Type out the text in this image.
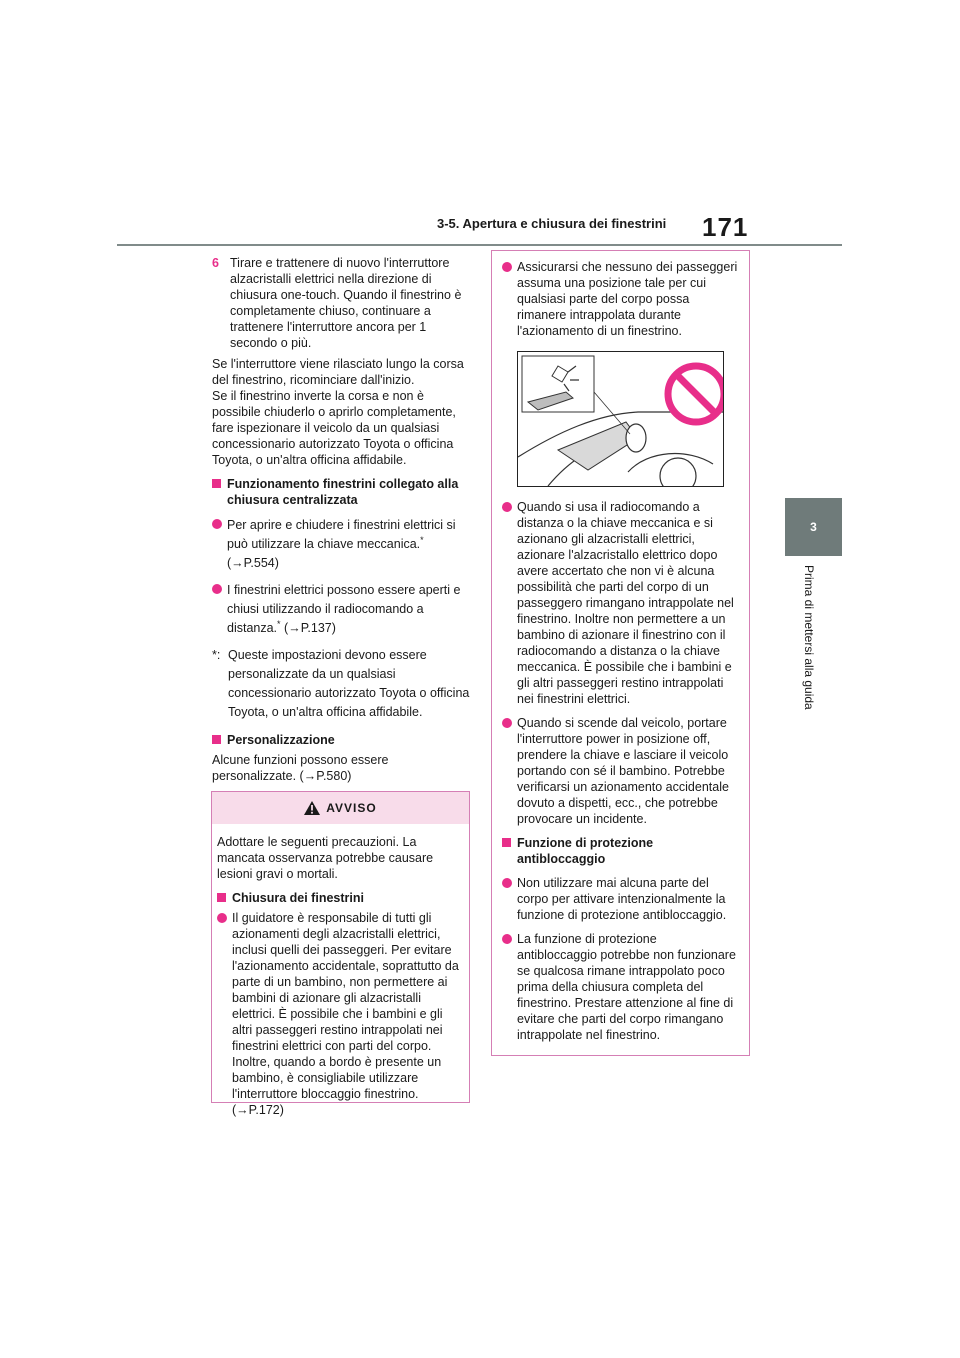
171
3-5. Apertura e chiusura dei finestrini
3
Prima di mettersi alla guida
6 Tirare e trattenere di nuovo l'interruttore alzacristalli elettrici nella direzione di chiusura one-touch. Quando il finestrino è completamente chiuso, continuare a trattenere l'interruttore ancora per 1 secondo o più.

Se l'interruttore viene rilasciato lungo la corsa del finestrino, ricominciare dall'inizio.

Se il finestrino inverte la corsa e non è possibile chiuderlo o aprirlo completamente, fare ispezionare il veicolo da un qualsiasi concessionario autorizzato Toyota o officina Toyota, o un'altra officina affidabile.

Funzionamento finestrini collegato alla chiusura centralizzata
Per aprire e chiudere i finestrini elettrici si può utilizzare la chiave meccanica.*
(→P.554)
I finestrini elettrici possono essere aperti e chiusi utilizzando il radiocomando a distanza.* (→P.137)
*: Queste impostazioni devono essere personalizzate da un qualsiasi concessionario autorizzato Toyota o officina Toyota, o un'altra officina affidabile.
Personalizzazione

Alcune funzioni possono essere personalizzate. (→P.580)

AVVISO

Adottare le seguenti precauzioni. La mancata osservanza potrebbe causare lesioni gravi o mortali.

Chiusura dei finestrini
Il guidatore è responsabile di tutti gli azionamenti degli alzacristalli elettrici, inclusi quelli dei passeggeri. Per evitare l'azionamento accidentale, soprattutto da parte di un bambino, non permettere ai bambini di azionare gli alzacristalli elettrici. È possibile che i bambini e gli altri passeggeri restino intrappolati nei finestrini elettrici con parti del corpo. Inoltre, quando a bordo è presente un bambino, è consigliabile utilizzare l'interruttore bloccaggio finestrino. (→P.172)
Assicurarsi che nessuno dei passeggeri assuma una posizione tale per cui qualsiasi parte del corpo possa rimanere intrappolata durante l'azionamento di un finestrino.
Quando si usa il radiocomando a distanza o la chiave meccanica e si azionano gli alzacristalli elettrici, azionare l'alzacristallo elettrico dopo avere accertato che non vi è alcuna possibilità che parti del corpo di un passeggero rimangano intrappolate nel finestrino. Inoltre non permettere a un bambino di azionare il finestrino con il radiocomando a distanza o la chiave meccanica. È possibile che i bambini e gli altri passeggeri restino intrappolati nei finestrini elettrici.
Quando si scende dal veicolo, portare l'interruttore power in posizione off, prendere la chiave e lasciare il veicolo portando con sé il bambino. Potrebbe verificarsi un azionamento accidentale dovuto a dispetti, ecc., che potrebbe provocare un incidente.
Funzione di protezione antibloccaggio
Non utilizzare mai alcuna parte del corpo per attivare intenzionalmente la funzione di protezione antibloccaggio.
La funzione di protezione antibloccaggio potrebbe non funzionare se qualcosa rimane intrappolato poco prima della chiusura completa del finestrino. Prestare attenzione al fine di evitare che parti del corpo rimangano intrappolate nel finestrino.
